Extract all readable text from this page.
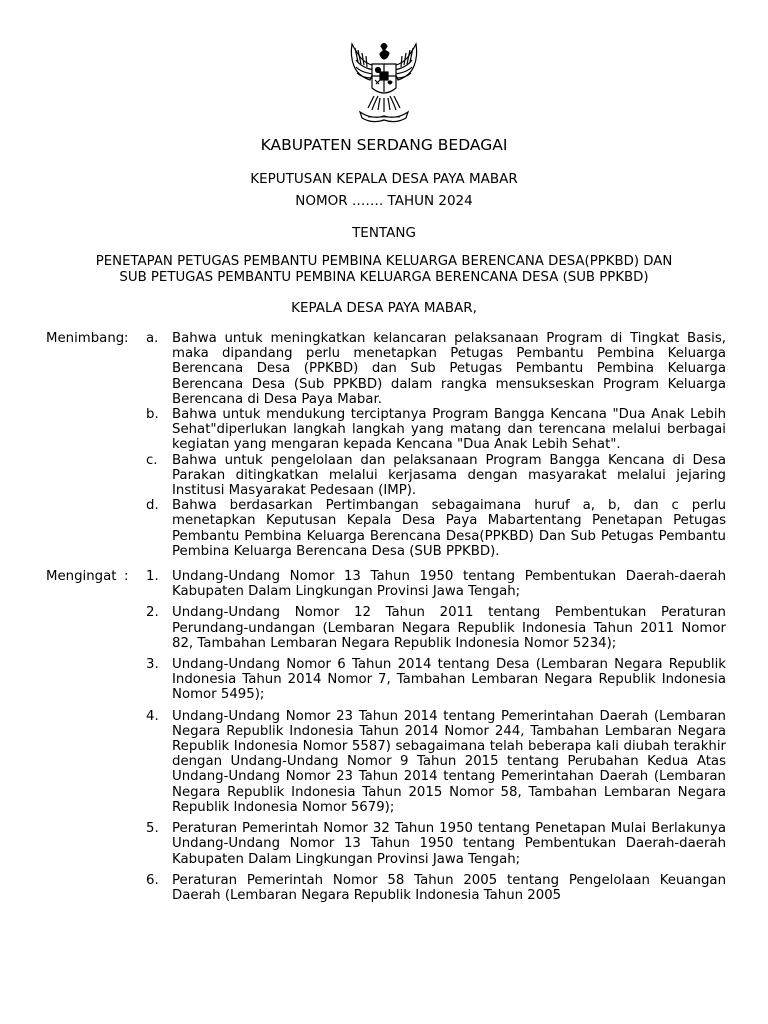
KABUPATEN SERDANG BEDAGAI
KEPUTUSAN KEPALA DESA PAYA MABAR
NOMOR ……. TAHUN 2024
TENTANG
PENETAPAN PETUGAS PEMBANTU PEMBINA KELUARGA BERENCANA DESA(PPKBD) DAN
SUB PETUGAS PEMBANTU PEMBINA KELUARGA BERENCANA DESA (SUB PPKBD)
KEPALA DESA PAYA MABAR,
Menimbang :	a.	Bahwa untuk meningkatkan kelancaran pelaksanaan Program di Tingkat Basis, maka dipandang perlu menetapkan Petugas Pembantu Pembina Keluarga Berencana Desa (PPKBD) dan Sub Petugas Pembantu Pembina Keluarga Berencana Desa (Sub PPKBD) dalam rangka mensukseskan Program Keluarga Berencana di Desa Paya Mabar.
b.	Bahwa untuk mendukung terciptanya Program Bangga Kencana "Dua Anak Lebih Sehat"diperlukan langkah langkah yang matang dan terencana melalui berbagai kegiatan yang mengaran kepada Kencana "Dua Anak Lebih Sehat".
c.	Bahwa untuk pengelolaan dan pelaksanaan Program Bangga Kencana di Desa Parakan ditingkatkan melalui kerjasama dengan masyarakat melalui jejaring Institusi Masyarakat Pedesaan (IMP).
d.	Bahwa berdasarkan Pertimbangan sebagaimana huruf a, b, dan c perlu menetapkan Keputusan Kepala Desa Paya Mabartentang Penetapan Petugas Pembantu Pembina Keluarga Berencana Desa(PPKBD) Dan Sub Petugas Pembantu Pembina Keluarga Berencana Desa (SUB PPKBD).
Mengingat :	1.	Undang-Undang Nomor 13 Tahun 1950 tentang Pembentukan Daerah-daerah Kabupaten Dalam Lingkungan Provinsi Jawa Tengah;
2.	Undang-Undang Nomor 12 Tahun 2011 tentang Pembentukan Peraturan Perundang-undangan (Lembaran Negara Republik Indonesia Tahun 2011 Nomor 82, Tambahan Lembaran Negara Republik Indonesia Nomor 5234);
3.	Undang-Undang Nomor 6 Tahun 2014 tentang Desa (Lembaran Negara Republik Indonesia Tahun 2014 Nomor 7, Tambahan Lembaran Negara Republik Indonesia Nomor 5495);
4.	Undang-Undang Nomor 23 Tahun 2014 tentang Pemerintahan Daerah (Lembaran Negara Republik Indonesia Tahun 2014 Nomor 244, Tambahan Lembaran Negara Republik Indonesia Nomor 5587) sebagaimana telah beberapa kali diubah terakhir dengan Undang-Undang Nomor 9 Tahun 2015 tentang Perubahan Kedua Atas Undang-Undang Nomor 23 Tahun 2014 tentang Pemerintahan Daerah (Lembaran Negara Republik Indonesia Tahun 2015 Nomor 58, Tambahan Lembaran Negara Republik Indonesia Nomor 5679);
5.	Peraturan Pemerintah Nomor 32 Tahun 1950 tentang Penetapan Mulai Berlakunya Undang-Undang Nomor 13 Tahun 1950 tentang Pembentukan Daerah-daerah Kabupaten Dalam Lingkungan Provinsi Jawa Tengah;
6.	Peraturan Pemerintah Nomor 58 Tahun 2005 tentang Pengelolaan Keuangan Daerah (Lembaran Negara Republik Indonesia Tahun 2005
